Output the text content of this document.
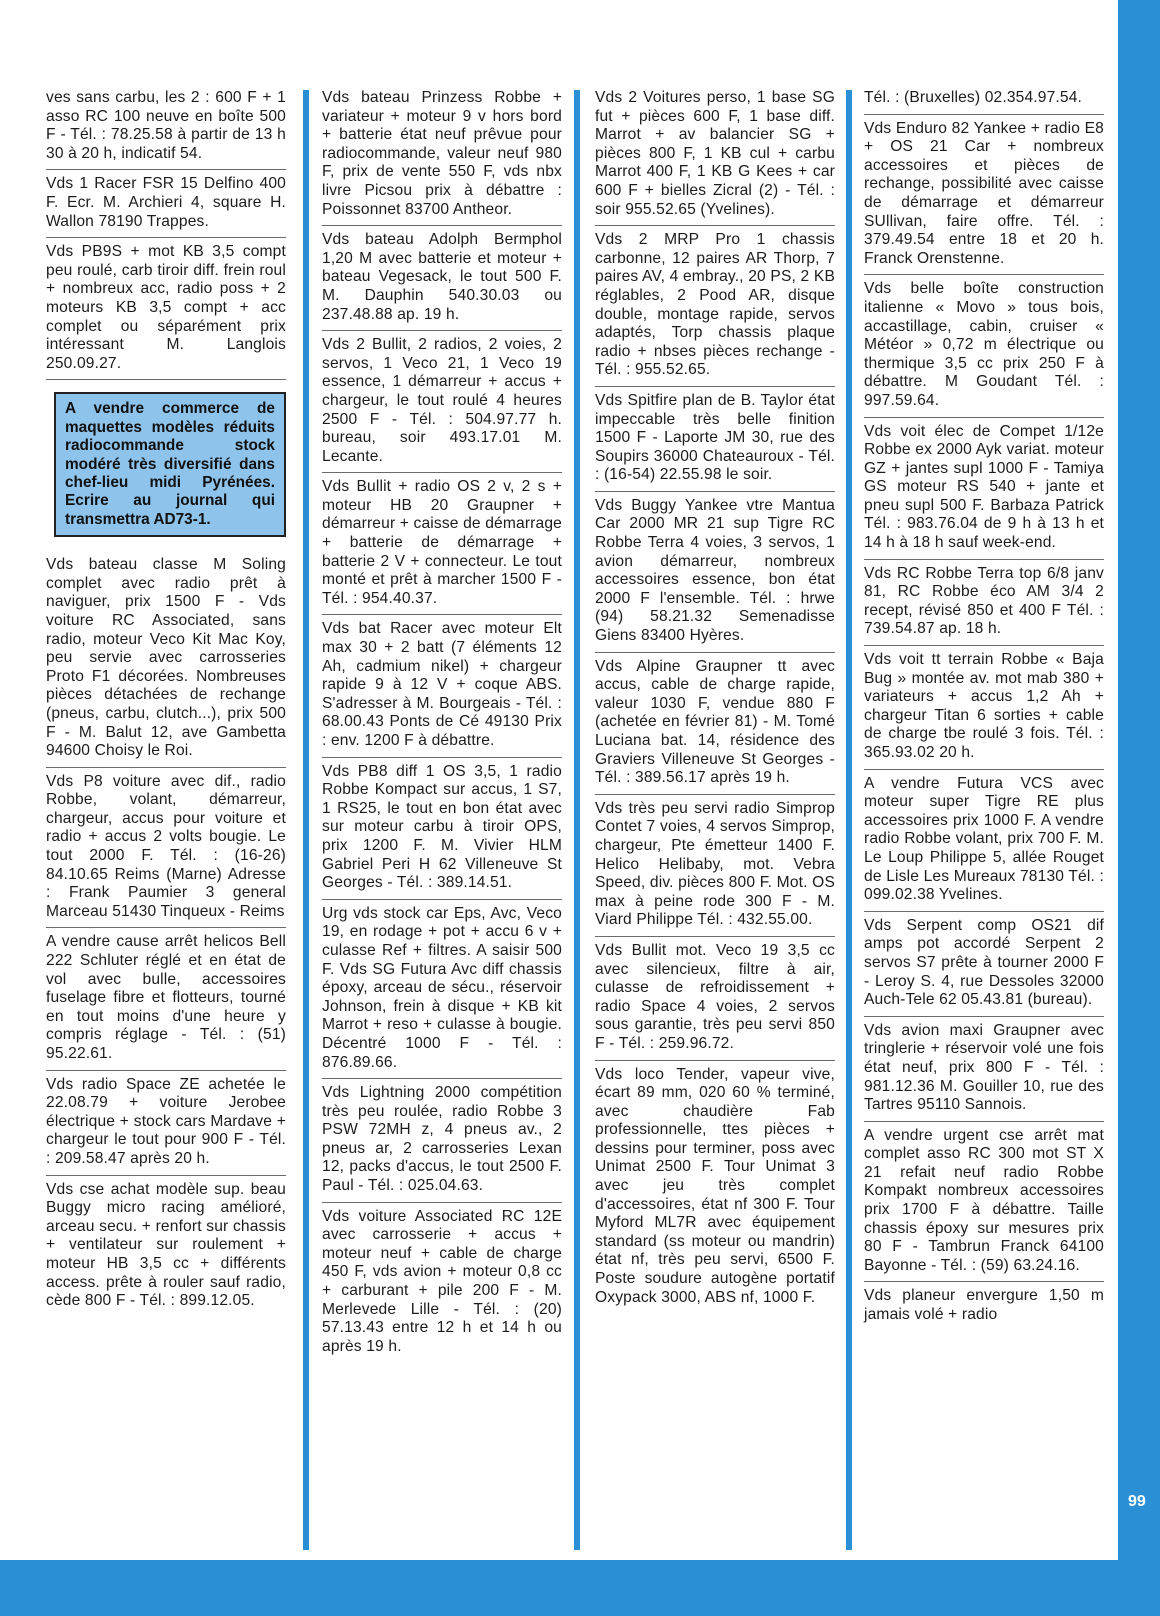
ves sans carbu, les 2 : 600 F + 1 asso RC 100 neuve en boîte 500 F - Tél. : 78.25.58 à partir de 13 h 30 à 20 h, indicatif 54.

Vds 1 Racer FSR 15 Delfino 400 F. Ecr. M. Archieri 4, square H. Wallon 78190 Trappes.

Vds PB9S + mot KB 3,5 compt peu roulé, carb tiroir diff. frein roul + nombreux acc, radio poss + 2 moteurs KB 3,5 compt + acc complet ou séparément prix intéressant M. Langlois 250.09.27.

A vendre commerce de maquettes modèles réduits radiocommande stock modéré très diversifié dans chef-lieu midi Pyrénées. Ecrire au journal qui transmettra AD73-1.

Vds bateau classe M Soling complet avec radio prêt à naviguer, prix 1500 F - Vds voiture RC Associated, sans radio, moteur Veco Kit Mac Koy, peu servie avec carrosseries Proto F1 décorées. Nombreuses pièces détachées de rechange (pneus, carbu, clutch...), prix 500 F - M. Balut 12, ave Gambetta 94600 Choisy le Roi.

Vds P8 voiture avec dif., radio Robbe, volant, démarreur, chargeur, accus pour voiture et radio + accus 2 volts bougie. Le tout 2000 F. Tél. : (16-26) 84.10.65 Reims (Marne) Adresse : Frank Paumier 3 general Marceau 51430 Tinqueux - Reims

A vendre cause arrêt helicos Bell 222 Schluter réglé et en état de vol avec bulle, accessoires fuselage fibre et flotteurs, tourné en tout moins d'une heure y compris réglage - Tél. : (51) 95.22.61.

Vds radio Space ZE achetée le 22.08.79 + voiture Jerobee électrique + stock cars Mardave + chargeur le tout pour 900 F - Tél. : 209.58.47 après 20 h.

Vds cse achat modèle sup. beau Buggy micro racing amélioré, arceau secu. + renfort sur chassis + ventilateur sur roulement + moteur HB 3,5 cc + différents access. prête à rouler sauf radio, cède 800 F - Tél. : 899.12.05.

Vds bateau Prinzess Robbe + variateur + moteur 9 v hors bord + batterie état neuf prêvue pour radiocommande, valeur neuf 980 F, prix de vente 550 F, vds nbx livre Picsou prix à débattre : Poissonnet 83700 Antheor.

Vds bateau Adolph Bermphol 1,20 M avec batterie et moteur + bateau Vegesack, le tout 500 F. M. Dauphin 540.30.03 ou 237.48.88 ap. 19 h.

Vds 2 Bullit, 2 radios, 2 voies, 2 servos, 1 Veco 21, 1 Veco 19 essence, 1 démarreur + accus + chargeur, le tout roulé 4 heures 2500 F - Tél. : 504.97.77 h. bureau, soir 493.17.01 M. Lecante.

Vds Bullit + radio OS 2 v, 2 s + moteur HB 20 Graupner + démarreur + caisse de démarrage + batterie de démarrage + batterie 2 V + connecteur. Le tout monté et prêt à marcher 1500 F - Tél. : 954.40.37.

Vds bat Racer avec moteur Elt max 30 + 2 batt (7 éléments 12 Ah, cadmium nikel) + chargeur rapide 9 à 12 V + coque ABS. S'adresser à M. Bourgeais - Tél. : 68.00.43 Ponts de Cé 49130 Prix : env. 1200 F à débattre.

Vds PB8 diff 1 OS 3,5, 1 radio Robbe Kompact sur accus, 1 S7, 1 RS25, le tout en bon état avec sur moteur carbu à tiroir OPS, prix 1200 F. M. Vivier HLM Gabriel Peri H 62 Villeneuve St Georges - Tél. : 389.14.51.

Urg vds stock car Eps, Avc, Veco 19, en rodage + pot + accu 6 v + culasse Ref + filtres. A saisir 500 F. Vds SG Futura Avc diff chassis époxy, arceau de sécu., réservoir Johnson, frein à disque + KB kit Marrot + reso + culasse à bougie. Décentré 1000 F - Tél. : 876.89.66.

Vds Lightning 2000 compétition très peu roulée, radio Robbe 3 PSW 72MH z, 4 pneus av., 2 pneus ar, 2 carrosseries Lexan 12, packs d'accus, le tout 2500 F. Paul - Tél. : 025.04.63.

Vds voiture Associated RC 12E avec carrosserie + accus + moteur neuf + cable de charge 450 F, vds avion + moteur 0,8 cc + carburant + pile 200 F - M. Merlevede Lille - Tél. : (20) 57.13.43 entre 12 h et 14 h ou après 19 h.

Vds 2 Voitures perso, 1 base SG fut + pièces 600 F, 1 base diff. Marrot + av balancier SG + pièces 800 F, 1 KB cul + carbu Marrot 400 F, 1 KB G Kees + car 600 F + bielles Zicral (2) - Tél. : soir 955.52.65 (Yvelines).

Vds 2 MRP Pro 1 chassis carbonne, 12 paires AR Thorp, 7 paires AV, 4 embray., 20 PS, 2 KB réglables, 2 Pood AR, disque double, montage rapide, servos adaptés, Torp chassis plaque radio + nbses pièces rechange - Tél. : 955.52.65.

Vds Spitfire plan de B. Taylor état impeccable très belle finition 1500 F - Laporte JM 30, rue des Soupirs 36000 Chateauroux - Tél. : (16-54) 22.55.98 le soir.

Vds Buggy Yankee vtre Mantua Car 2000 MR 21 sup Tigre RC Robbe Terra 4 voies, 3 servos, 1 avion démarreur, nombreux accessoires essence, bon état 2000 F l'ensemble. Tél. : hrwe (94) 58.21.32 Semenadisse Giens 83400 Hyères.

Vds Alpine Graupner tt avec accus, cable de charge rapide, valeur 1030 F, vendue 880 F (achetée en février 81) - M. Tomé Luciana bat. 14, résidence des Graviers Villeneuve St Georges - Tél. : 389.56.17 après 19 h.

Vds très peu servi radio Simprop Contet 7 voies, 4 servos Simprop, chargeur, Pte émetteur 1400 F. Helico Helibaby, mot. Vebra Speed, div. pièces 800 F. Mot. OS max à peine rode 300 F - M. Viard Philippe Tél. : 432.55.00.

Vds Bullit mot. Veco 19 3,5 cc avec silencieux, filtre à air, culasse de refroidissement + radio Space 4 voies, 2 servos sous garantie, très peu servi 850 F - Tél. : 259.96.72.

Vds loco Tender, vapeur vive, écart 89 mm, 020 60 % terminé, avec chaudière Fab professionnelle, ttes pièces + dessins pour terminer, poss avec Unimat 2500 F. Tour Unimat 3 avec jeu très complet d'accessoires, état nf 300 F. Tour Myford ML7R avec équipement standard (ss moteur ou mandrin) état nf, très peu servi, 6500 F. Poste soudure autogène portatif Oxypack 3000, ABS nf, 1000 F.

Tél. : (Bruxelles) 02.354.97.54.

Vds Enduro 82 Yankee + radio E8 + OS 21 Car + nombreux accessoires et pièces de rechange, possibilité avec caisse de démarrage et démarreur SUllivan, faire offre. Tél. : 379.49.54 entre 18 et 20 h. Franck Orenstenne.

Vds belle boîte construction italienne « Movo » tous bois, accastillage, cabin, cruiser « Météor » 0,72 m électrique ou thermique 3,5 cc prix 250 F à débattre. M Goudant Tél. : 997.59.64.

Vds voit élec de Compet 1/12e Robbe ex 2000 Ayk variat. moteur GZ + jantes supl 1000 F - Tamiya GS moteur RS 540 + jante et pneu supl 500 F. Barbaza Patrick Tél. : 983.76.04 de 9 h à 13 h et 14 h à 18 h sauf week-end.

Vds RC Robbe Terra top 6/8 janv 81, RC Robbe éco AM 3/4 2 recept, révisé 850 et 400 F Tél. : 739.54.87 ap. 18 h.

Vds voit tt terrain Robbe « Baja Bug » montée av. mot mab 380 + variateurs + accus 1,2 Ah + chargeur Titan 6 sorties + cable de charge tbe roulé 3 fois. Tél. : 365.93.02 20 h.

A vendre Futura VCS avec moteur super Tigre RE plus accessoires prix 1000 F. A vendre radio Robbe volant, prix 700 F. M. Le Loup Philippe 5, allée Rouget de Lisle Les Mureaux 78130 Tél. : 099.02.38 Yvelines.

Vds Serpent comp OS21 dif amps pot accordé Serpent 2 servos S7 prête à tourner 2000 F - Leroy S. 4, rue Dessoles 32000 Auch-Tele 62 05.43.81 (bureau).

Vds avion maxi Graupner avec tringlerie + réservoir volé une fois état neuf, prix 800 F - Tél. : 981.12.36 M. Gouiller 10, rue des Tartres 95110 Sannois.

A vendre urgent cse arrêt mat complet asso RC 300 mot ST X 21 refait neuf radio Robbe Kompakt nombreux accessoires prix 1700 F à débattre. Taille chassis époxy sur mesures prix 80 F - Tambrun Franck 64100 Bayonne - Tél. : (59) 63.24.16.

Vds planeur envergure 1,50 m jamais volé + radio

99
